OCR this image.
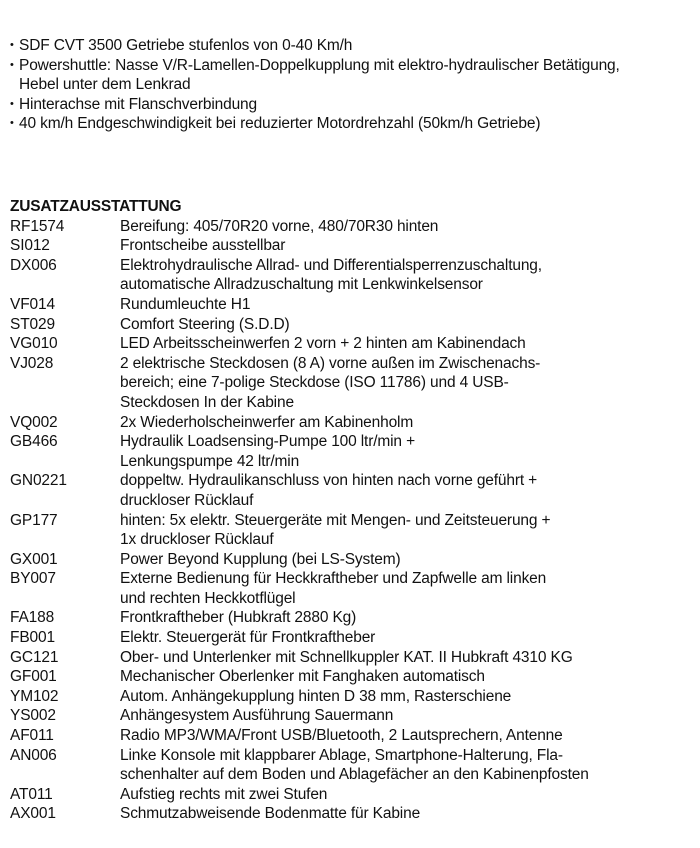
• SDF CVT 3500 Getriebe stufenlos von 0-40 Km/h
• Powershuttle: Nasse V/R-Lamellen-Doppelkupplung mit elektro-hydraulischer Betätigung,
Hebel unter dem Lenkrad
• Hinterachse mit Flanschverbindung
• 40 km/h Endgeschwindigkeit bei reduzierter Motordrehzahl (50km/h Getriebe)
ZUSATZAUSSTATTUNG
RF1574	Bereifung: 405/70R20 vorne, 480/70R30 hinten

SI012	Frontscheibe ausstellbar

DX006	Elektrohydraulische Allrad- und Differentialsperrenzuschaltung,
automatische Allradzuschaltung mit Lenkwinkelsensor

VF014	Rundumleuchte H1

ST029	Comfort Steering (S.D.D)

VG010	LED Arbeitsscheinwerfen 2 vorn + 2 hinten am Kabinendach

VJ028	2 elektrische Steckdosen (8 A) vorne außen im Zwischenachs-
bereich; eine 7-polige Steckdose (ISO 11786) und 4 USB-
Steckdosen In der Kabine

VQ002	2x Wiederholscheinwerfer am Kabinenholm

GB466	Hydraulik Loadsensing-Pumpe 100 ltr/min +
Lenkungspumpe 42 ltr/min

GN0221	doppeltw. Hydraulikanschluss von hinten nach vorne geführt +
druckloser Rücklauf

GP177	hinten: 5x elektr. Steuergeräte mit Mengen- und Zeitsteuerung +
1x druckloser Rücklauf

GX001	Power Beyond Kupplung (bei LS-System)

BY007	Externe Bedienung für Heckkraftheber und Zapfwelle am linken
und rechten Heckkotflügel

FA188	Frontkraftheber (Hubkraft 2880 Kg)

FB001	Elektr. Steuergerät für Frontkraftheber

GC121	Ober- und Unterlenker mit Schnellkuppler KAT. II Hubkraft 4310 KG

GF001	Mechanischer Oberlenker mit Fanghaken automatisch

YM102	Autom. Anhängekupplung hinten D 38 mm, Rasterschiene

YS002	Anhängesystem Ausführung Sauermann

AF011	Radio MP3/WMA/Front USB/Bluetooth, 2 Lautsprechern, Antenne

AN006	Linke Konsole mit klappbarer Ablage, Smartphone-Halterung, Fla-
schenhalter auf dem Boden und Ablagefächer an den Kabinenpfosten

AT011	Aufstieg rechts mit zwei Stufen

AX001	Schmutzabweisende Bodenmatte für Kabine
